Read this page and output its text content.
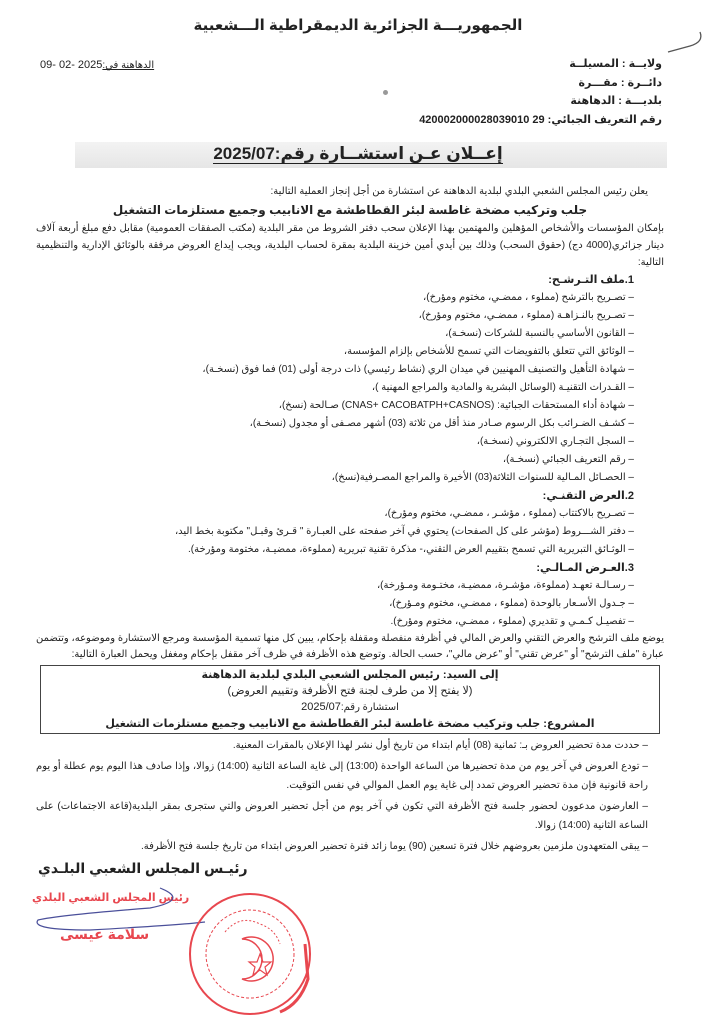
الجمهوريـــة الجزائرية الديمقراطية الـــشعبية
ولايــة : المسيلــة
دائــرة : مقـــرة
بلديـــة : الدهاهنة
رقم التعريف الجبائي: 420002000028039010 29
الدهاهنة في:09- 02- 2025
إعــلان عـن استشــارة رقم:2025/07
يعلن رئيس المجلس الشعبي البلدي لبلدية الدهاهنة عن استشارة من أجل إنجاز العملية التالية:
جلب وتركيب مضخة غاطسة لبئر القطاطشة مع الانابيب وجميع مستلزمات التشغيل
بإمكان المؤسسات والأشخاص المؤهلين والمهتمين بهذا الإعلان سحب دفتر الشروط من مقر البلدية (مكتب الصفقات العمومية) مقابل دفع مبلغ أربعة آلاف دينار جزائري(4000 دج) (حقوق السحب) وذلك بين أيدي أمين خزينة البلدية بمقرة لحساب البلدية، ويجب إيداع العروض مرفقة بالوثائق الإدارية والتنظيمية التالية:
1.ملف التـرشـح:
– تصـريح بالترشح (مملوء ، ممضـي، مختوم ومؤرخ)،
– تصـريح بالنـزاهـة (مملوء ، ممضـي، مختوم ومؤرخ)،
– القانون الأساسي بالنسبة للشركات (نسخـة)،
– الوثائق التي تتعلق بالتفويضات التي تسمح للأشخاص بإلزام المؤسسة،
– شهادة التأهيل والتصنيف المهنيين في ميدان الري (نشاط رئيسي) ذات درجة أولى (01) فما فوق (نسخـة)،
– القـدرات التقنيـة (الوسائل البشرية والمادية والمراجع المهنية )،
– شهادة أداء المستحقات الجبائية: (CNAS+ CACOBATPH+CASNOS) صـالحة (نسخ)،
– كشـف الضـرائب بكل الرسوم صـادر منذ أقل من ثلاثة (03) أشهر مصـفى أو مجدول (نسخـة)،
– السجل التجـاري الالكتروني (نسخـة)،
– رقم التعريف الجبائي (نسخـة)،
– الحصـائل المـالية للسنوات الثلاثة(03) الأخيرة والمراجع المصـرفية(نسخ)،
2.العرض التقنـي:
– تصـريح بالاكتتاب (مملوء ، مؤشـر ، ممضـي، مختوم ومؤرخ)،
– دفتر الشـــروط (مؤشر على كل الصفحات) يحتوي في آخر صفحته على العبـارة " قـرئ وقبـل" مكتوبة بخط اليد،
– الوثـائق التبريرية التي تسمح بتقييم العرض التقني،- مذكرة تقنية تبريرية (مملوءة، ممضيـة، مختومة ومؤرخة).
3.العـرض المـالـي:
– رسـالـة تعهـد (مملوءة، مؤشـرة، ممضيـة، مختـومة ومـؤرخة)،
– جـدول الأسـعار بالوحدة (مملوء ، ممضـي، مختوم ومـؤرخ)،
– تفصيـل كـمـي و تقديري (مملوء ، ممضـي، مختوم ومؤرخ).
يوضع ملف الترشح والعرض التقني والعرض المالي في أظرفة منفصلة ومقفلة بإحكام، يبين كل منها تسمية المؤسسة ومرجع الاستشارة وموضوعه، وتتضمن عبارة "ملف الترشح" أو "عرض تقني" أو "عرض مالي"، حسب الحالة. وتوضع هذه الأظرفة في ظرف آخر مقفل بإحكام ومغفل ويحمل العبارة التالية:
إلى السيد: رئيس المجلس الشعبي البلدي لبلدية الدهاهنة
(لا يفتح إلا من طرف لجنة فتح الأظرفة وتقييم العروض)
استشارة رقم:2025/07
المشروع: جلب وتركيب مضخة غاطسة لبئر القطاطشة مع الانابيب وجميع مستلزمات التشغيل
– حددت مدة تحضير العروض بـ: ثمانية (08) أيام ابتداء من تاريخ أول نشر لهذا الإعلان بالمقرات المعنية.
– تودع العروض في آخر يوم من مدة تحضيرها من الساعة الواحدة (13:00) إلى غاية الساعة الثانية (14:00) زوالا، وإذا صادف هذا اليوم يوم عطلة أو يوم راحة قانونية فإن مدة تحضير العروض تمدد إلى غاية يوم العمل الموالي في نفس التوقيت.
– العارضون مدعوون لحضور جلسة فتح الأظرفة التي تكون في آخر يوم من أجل تحضير العروض والتي ستجرى بمقر البلدية(قاعة الاجتماعات) على الساعة الثانية (14:00) زوالا.
– يبقى المتعهدون ملزمين بعروضهم خلال فترة تسعين (90) يوما زائد فترة تحضير العروض ابتداء من تاريخ جلسة فتح الأظرفة.
رئيـس المجلس الشعبي البلـدي
رئيس المجلس الشعبي البلدي
سلامة عيسى
